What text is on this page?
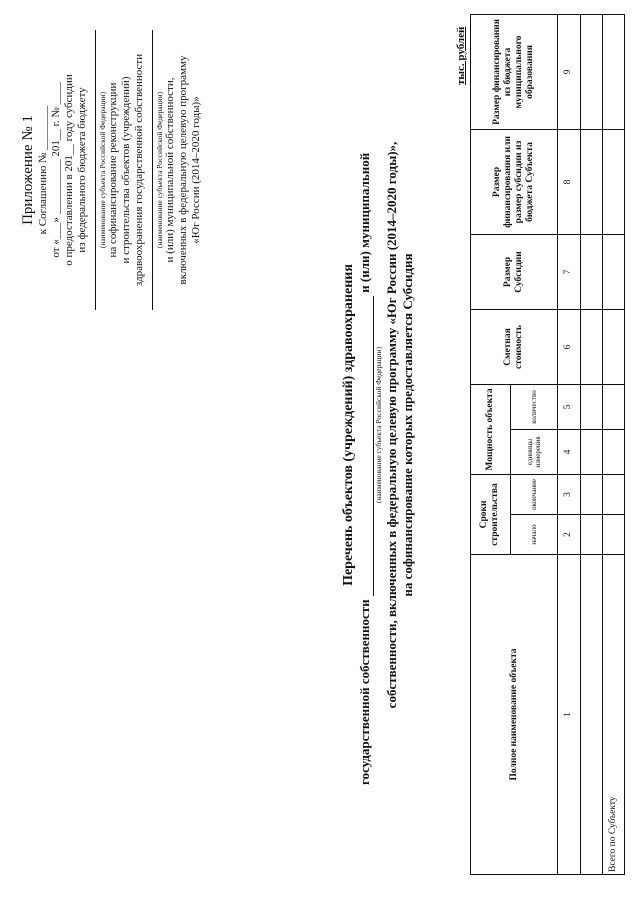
Приложение № 1 к Соглашению № ________ от «___» __________ 201__ г. № ____ о предоставлении в 201__ году субсидии из федерального бюджета бюджету (наименование субъекта Российской Федерации) на софинансирование реконструкции и строительства объектов (учреждений) здравоохранения государственной собственности (наименование субъекта Российской Федерации) и (или) муниципальной собственности, включенных в федеральную целевую программу «Юг России (2014–2020 годы)»
Перечень объектов (учреждений) здравоохранения
государственной собственности   и (или) муниципальной
(наименование субъекта Российской Федерации) собственности, включенных в федеральную целевую программу «Юг России (2014–2020 годы)», на софинансирование которых предоставляется Субсидия
тыс. рублей
Полное наименование объекта	Сроки строительства		Мощность объекта		Сметная стоимость	Размер Субсидии	Размер финансирования или размер субсидии из бюджета Субъекта	Размер финансирования из бюджета муниципального образования
	начало	окончание	единицы измерения	количество				
1	2	3	4	5	6	7	8	9

Всего по Субъекту								
